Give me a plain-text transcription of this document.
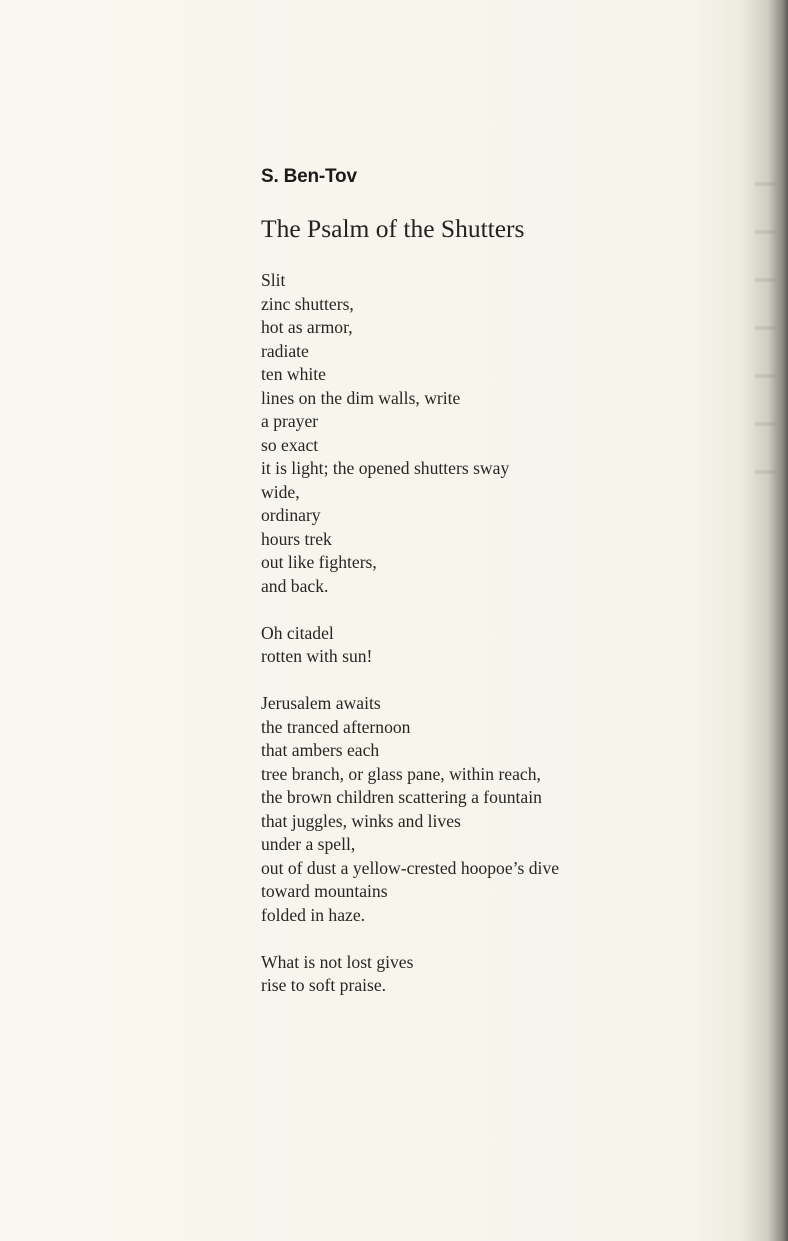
S. Ben-Tov
The Psalm of the Shutters
Slit
zinc shutters,
hot as armor,
radiate
ten white
lines on the dim walls, write
a prayer
so exact
it is light; the opened shutters sway
wide,
ordinary
hours trek
out like fighters,
and back.
Oh citadel
rotten with sun!
Jerusalem awaits
the tranced afternoon
that ambers each
tree branch, or glass pane, within reach,
the brown children scattering a fountain
that juggles, winks and lives
under a spell,
out of dust a yellow-crested hoopoe’s dive
toward mountains
folded in haze.
What is not lost gives
rise to soft praise.
